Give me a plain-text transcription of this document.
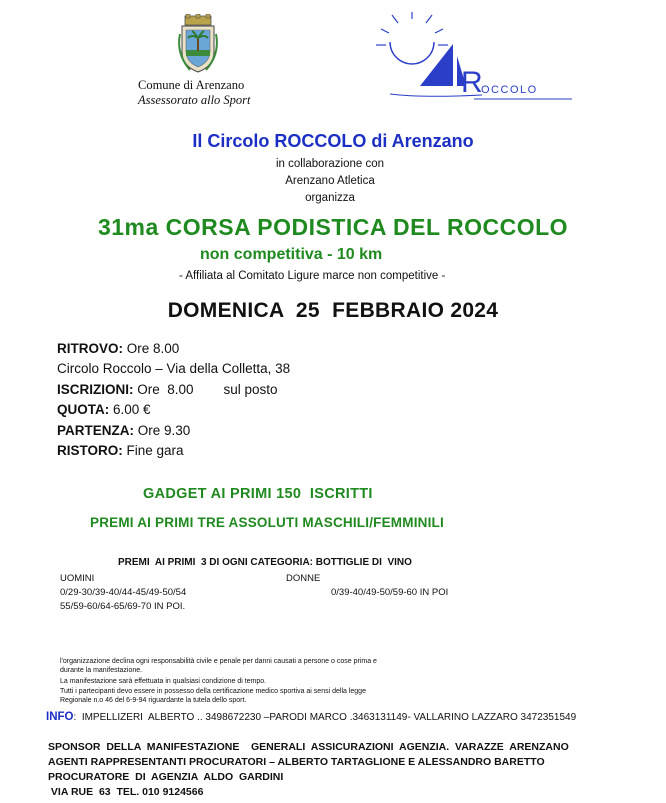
Comune di Arenzano
Assessorato allo Sport
R
OCCOLO
Il Circolo ROCCOLO di Arenzano
in collaborazione con
Arenzano Atletica
organizza
31ma CORSA PODISTICA DEL ROCCOLO
non competitiva - 10 km
- Affiliata al Comitato Ligure marce non competitive -
DOMENICA  25  FEBBRAIO 2024
RITROVO: Ore 8.00
Circolo Roccolo – Via della Colletta, 38
ISCRIZIONI: Ore  8.00        sul posto
QUOTA: 6.00 €
PARTENZA: Ore 9.30
RISTORO: Fine gara
GADGET AI PRIMI 150  ISCRITTI
PREMI AI PRIMI TRE ASSOLUTI MASCHILI/FEMMINILI
PREMI  AI PRIMI  3 DI OGNI CATEGORIA: BOTTIGLIE DI  VINO
UOMINI	DONNE
0/29-30/39-40/44-45/49-50/54	0/39-40/49-50/59-60 IN POI
55/59-60/64-65/69-70 IN POI.
l'organizzazione declina ogni responsabilità civile e penale per danni causati a persone o cose prima e
durante la manifestazione.
La manifestazione sarà effettuata in qualsiasi condizione di tempo.
Tutti i partecipanti devo essere in possesso della certificazione medico sportiva ai sensi della legge
Regionale n.o 46 del 6-9-94 riguardante la tutela dello sport.
INFO:  IMPELLIZERI  ALBERTO .. 3498672230 –PARODI MARCO .3463131149- VALLARINO LAZZARO 3472351549
SPONSOR  DELLA  MANIFESTAZIONE    GENERALI  ASSICURAZIONI  AGENZIA.  VARAZZE  ARENZANO
AGENTI RAPPRESENTANTI PROCURATORI – ALBERTO TARTAGLIONE E ALESSANDRO BARETTO
PROCURATORE  DI  AGENZIA  ALDO  GARDINI
VIA RUE  63  TEL. 010 9124566
